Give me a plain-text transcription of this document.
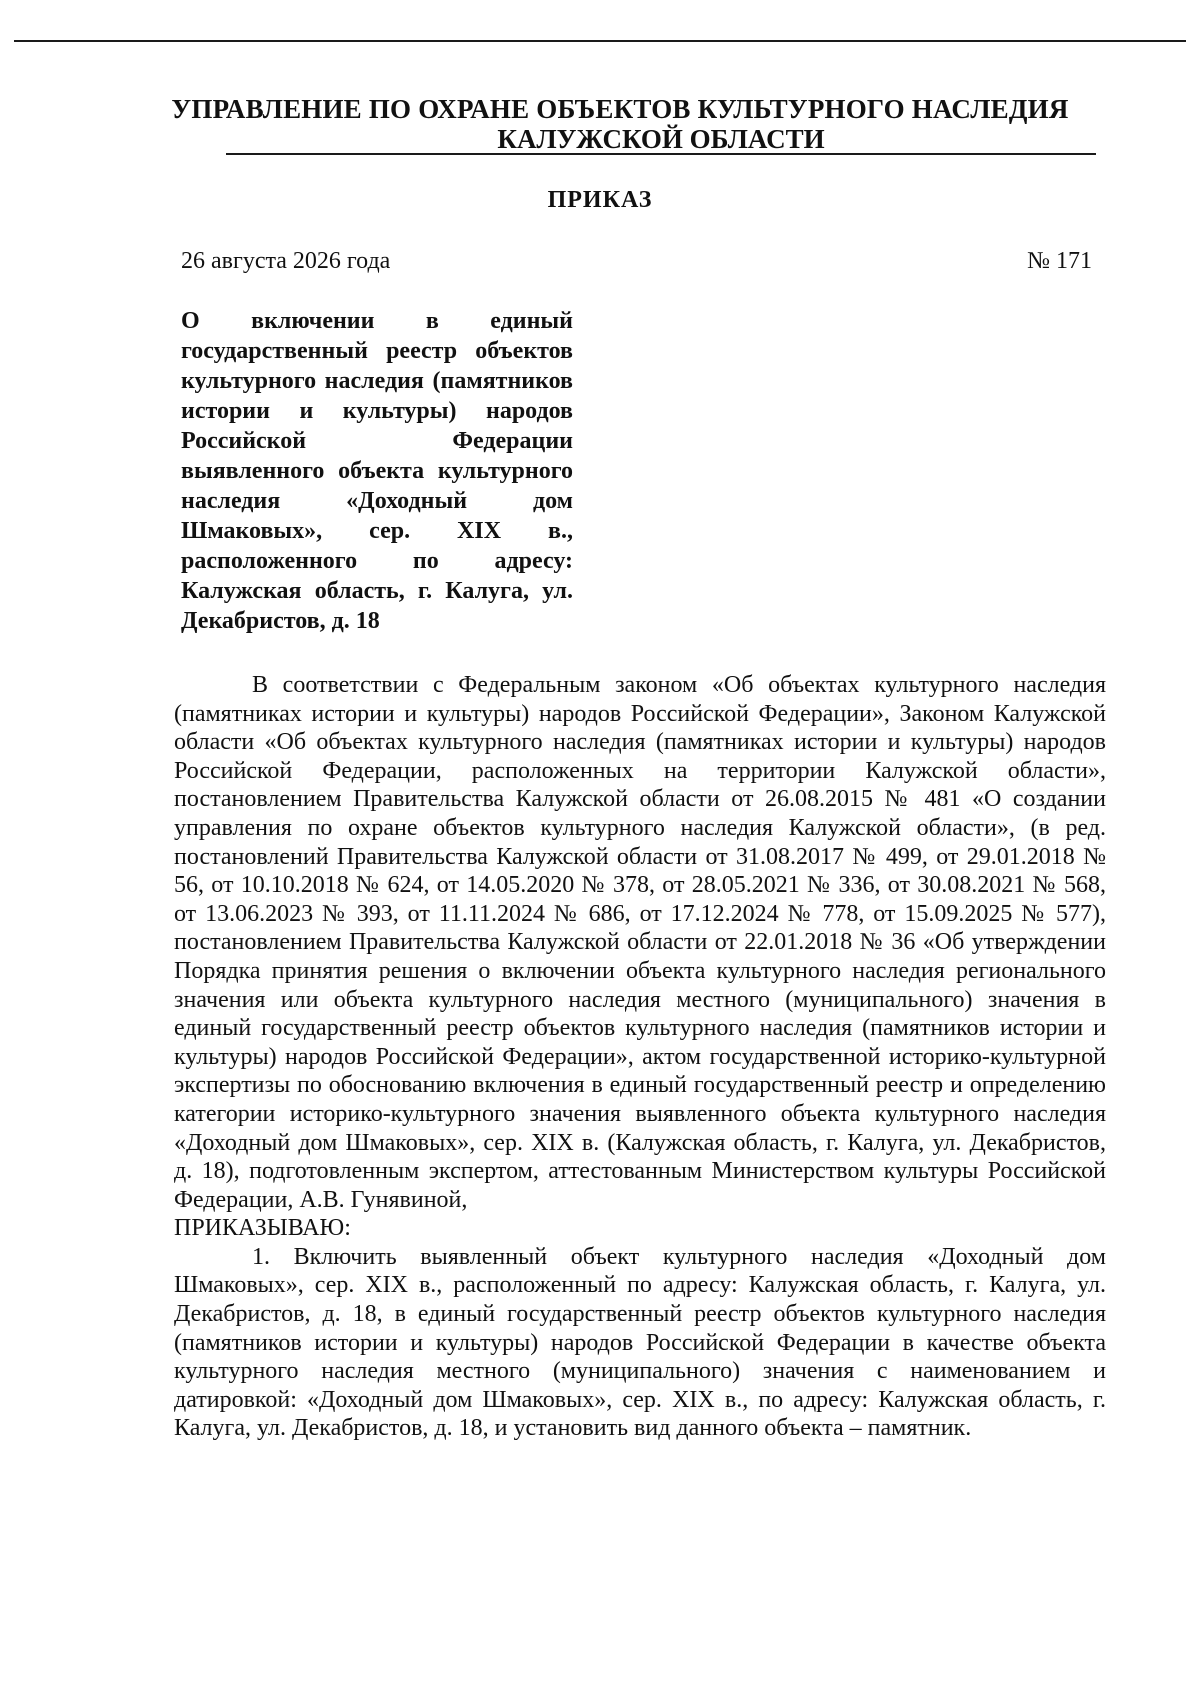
УПРАВЛЕНИЕ ПО ОХРАНЕ ОБЪЕКТОВ КУЛЬТУРНОГО НАСЛЕДИЯ
КАЛУЖСКОЙ ОБЛАСТИ
ПРИКАЗ
26 августа 2026 года	№ 171
О включении в единый государственный реестр объектов культурного наследия (памятников истории и культуры) народов Российской Федерации выявленного объекта культурного наследия «Доходный дом Шмаковых», сер. XIX в., расположенного по адресу: Калужская область, г. Калуга, ул. Декабристов, д. 18

В соответствии с Федеральным законом «Об объектах культурного наследия (памятниках истории и культуры) народов Российской Федерации», Законом Калужской области «Об объектах культурного наследия (памятниках истории и культуры) народов Российской Федерации, расположенных на территории Калужской области», постановлением Правительства Калужской области от 26.08.2015 № 481 «О создании управления по охране объектов культурного наследия Калужской области», (в ред. постановлений Правительства Калужской области от 31.08.2017 № 499, от 29.01.2018 № 56, от 10.10.2018 № 624, от 14.05.2020 № 378, от 28.05.2021 № 336, от 30.08.2021 № 568, от 13.06.2023 № 393, от 11.11.2024 № 686, от 17.12.2024 № 778, от 15.09.2025 № 577), постановлением Правительства Калужской области от 22.01.2018 № 36 «Об утверждении Порядка принятия решения о включении объекта культурного наследия регионального значения или объекта культурного наследия местного (муниципального) значения в единый государственный реестр объектов культурного наследия (памятников истории и культуры) народов Российской Федерации», актом государственной историко-культурной экспертизы по обоснованию включения в единый государственный реестр и определению категории историко-культурного значения выявленного объекта культурного наследия «Доходный дом Шмаковых», сер. XIX в. (Калужская область, г. Калуга, ул. Декабристов, д. 18), подготовленным экспертом, аттестованным Министерством культуры Российской Федерации, А.В. Гунявиной,
ПРИКАЗЫВАЮ:

1. Включить выявленный объект культурного наследия «Доходный дом Шмаковых», сер. XIX в., расположенный по адресу: Калужская область, г. Калуга, ул. Декабристов, д. 18, в единый государственный реестр объектов культурного наследия (памятников истории и культуры) народов Российской Федерации в качестве объекта культурного наследия местного (муниципального) значения с наименованием и датировкой: «Доходный дом Шмаковых», сер. XIX в., по адресу: Калужская область, г. Калуга, ул. Декабристов, д. 18, и установить вид данного объекта – памятник.
